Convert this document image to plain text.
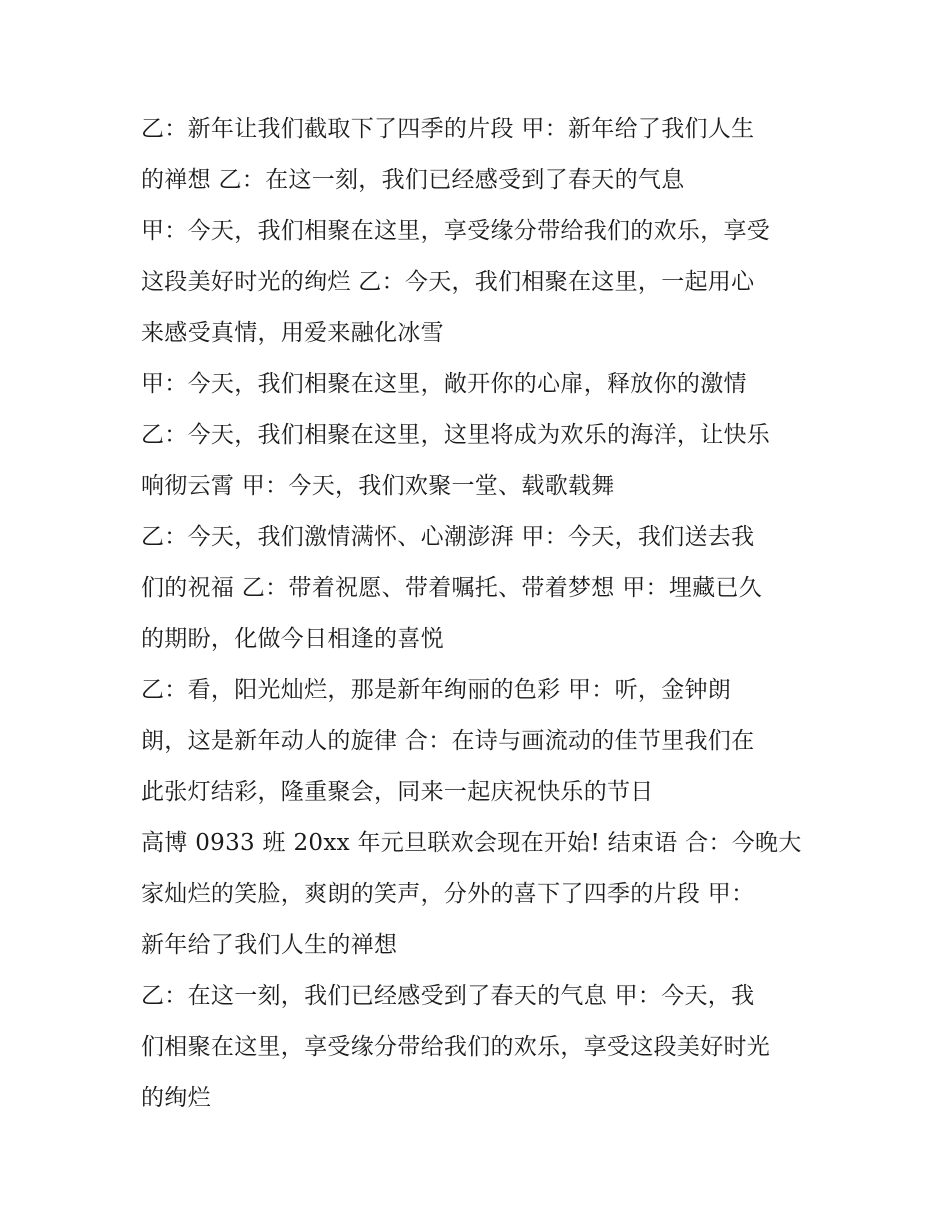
乙：新年让我们截取下了四季的片段 甲：新年给了我们人生
的禅想 乙：在这一刻，我们已经感受到了春天的气息
甲：今天，我们相聚在这里，享受缘分带给我们的欢乐，享受
这段美好时光的绚烂 乙：今天，我们相聚在这里，一起用心
来感受真情，用爱来融化冰雪
甲：今天，我们相聚在这里，敞开你的心扉，释放你的激情
乙：今天，我们相聚在这里，这里将成为欢乐的海洋，让快乐
响彻云霄 甲：今天，我们欢聚一堂、载歌载舞
乙：今天，我们激情满怀、心潮澎湃 甲：今天，我们送去我
们的祝福 乙：带着祝愿、带着嘱托、带着梦想 甲：埋藏已久
的期盼，化做今日相逢的喜悦
乙：看，阳光灿烂，那是新年绚丽的色彩 甲：听，金钟朗
朗，这是新年动人的旋律 合：在诗与画流动的佳节里我们在
此张灯结彩，隆重聚会，同来一起庆祝快乐的节日
高博 0933 班 20xx 年元旦联欢会现在开始! 结束语 合：今晚大
家灿烂的笑脸，爽朗的笑声，分外的喜下了四季的片段 甲：
新年给了我们人生的禅想
乙：在这一刻，我们已经感受到了春天的气息 甲：今天，我
们相聚在这里，享受缘分带给我们的欢乐，享受这段美好时光
的绚烂
